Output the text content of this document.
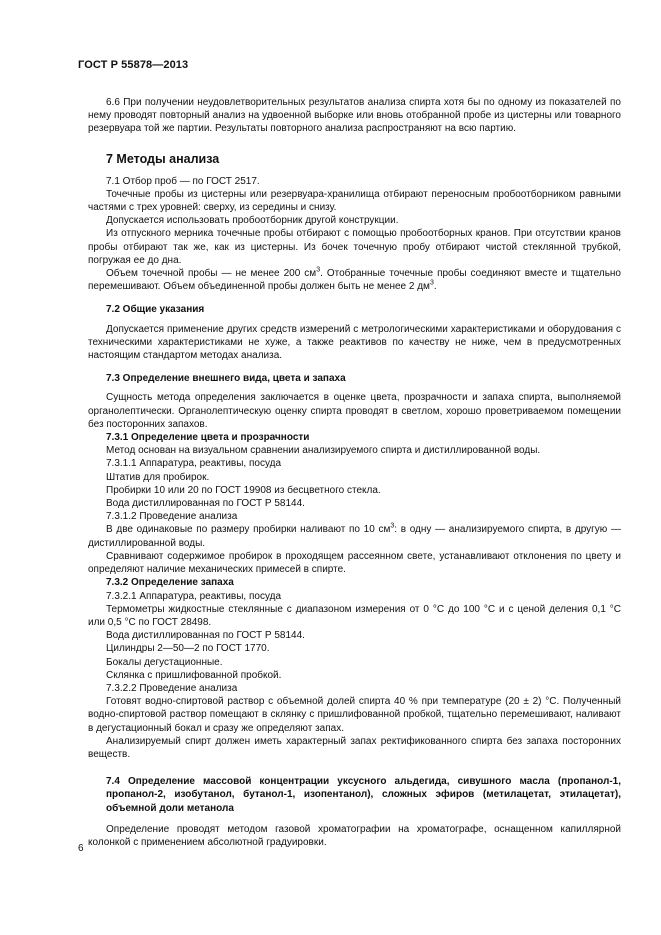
ГОСТ Р 55878—2013

6.6 При получении неудовлетворительных результатов анализа спирта хотя бы по одному из показателей по нему проводят повторный анализ на удвоенной выборке или вновь отобранной пробе из цистерны или товарного резервуара той же партии. Результаты повторного анализа распространяют на всю партию.

7 Методы анализа

7.1 Отбор проб — по ГОСТ 2517.

Точечные пробы из цистерны или резервуара-хранилища отбирают переносным пробоотборником равными частями с трех уровней: сверху, из середины и снизу.

Допускается использовать пробоотборник другой конструкции.

Из отпускного мерника точечные пробы отбирают с помощью пробоотборных кранов. При отсутствии кранов пробы отбирают так же, как из цистерны. Из бочек точечную пробу отбирают чистой стеклянной трубкой, погружая ее до дна.

Объем точечной пробы — не менее 200 $см^3$. Отобранные точечные пробы соединяют вместе и тщательно перемешивают. Объем объединенной пробы должен быть не менее 2 $дм^3$.

7.2 Общие указания

Допускается применение других средств измерений с метрологическими характеристиками и оборудования с техническими характеристиками не хуже, а также реактивов по качеству не ниже, чем в предусмотренных настоящим стандартом методах анализа.

7.3 Определение внешнего вида, цвета и запаха

Сущность метода определения заключается в оценке цвета, прозрачности и запаха спирта, выполняемой органолептически. Органолептическую оценку спирта проводят в светлом, хорошо проветриваемом помещении без посторонних запахов.

7.3.1 Определение цвета и прозрачности

Метод основан на визуальном сравнении анализируемого спирта и дистиллированной воды.

7.3.1.1 Аппаратура, реактивы, посуда

Штатив для пробирок.

Пробирки 10 или 20 по ГОСТ 19908 из бесцветного стекла.

Вода дистиллированная по ГОСТ Р 58144.

7.3.1.2 Проведение анализа

В две одинаковые по размеру пробирки наливают по 10 $см^3$: в одну — анализируемого спирта, в другую — дистиллированной воды.

Сравнивают содержимое пробирок в проходящем рассеянном свете, устанавливают отклонения по цвету и определяют наличие механических примесей в спирте.

7.3.2 Определение запаха

7.3.2.1 Аппаратура, реактивы, посуда

Термометры жидкостные стеклянные с диапазоном измерения от 0 °C до 100 °C и с ценой деления 0,1 °C или 0,5 °C по ГОСТ 28498.

Вода дистиллированная по ГОСТ Р 58144.

Цилиндры 2—50—2 по ГОСТ 1770.

Бокалы дегустационные.

Склянка с пришлифованной пробкой.

7.3.2.2 Проведение анализа

Готовят водно-спиртовой раствор с объемной долей спирта 40 % при температуре (20 ± 2) °C. Полученный водно-спиртовой раствор помещают в склянку с пришлифованной пробкой, тщательно перемешивают, наливают в дегустационный бокал и сразу же определяют запах.

Анализируемый спирт должен иметь характерный запах ректификованного спирта без запаха посторонних веществ.

7.4 Определение массовой концентрации уксусного альдегида, сивушного масла (пропанол-1, пропанол-2, изобутанол, бутанол-1, изопентанол), сложных эфиров (метилацетат, этилацетат), объемной доли метанола

Определение проводят методом газовой хроматографии на хроматографе, оснащенном капиллярной колонкой с применением абсолютной градуировки.

6
